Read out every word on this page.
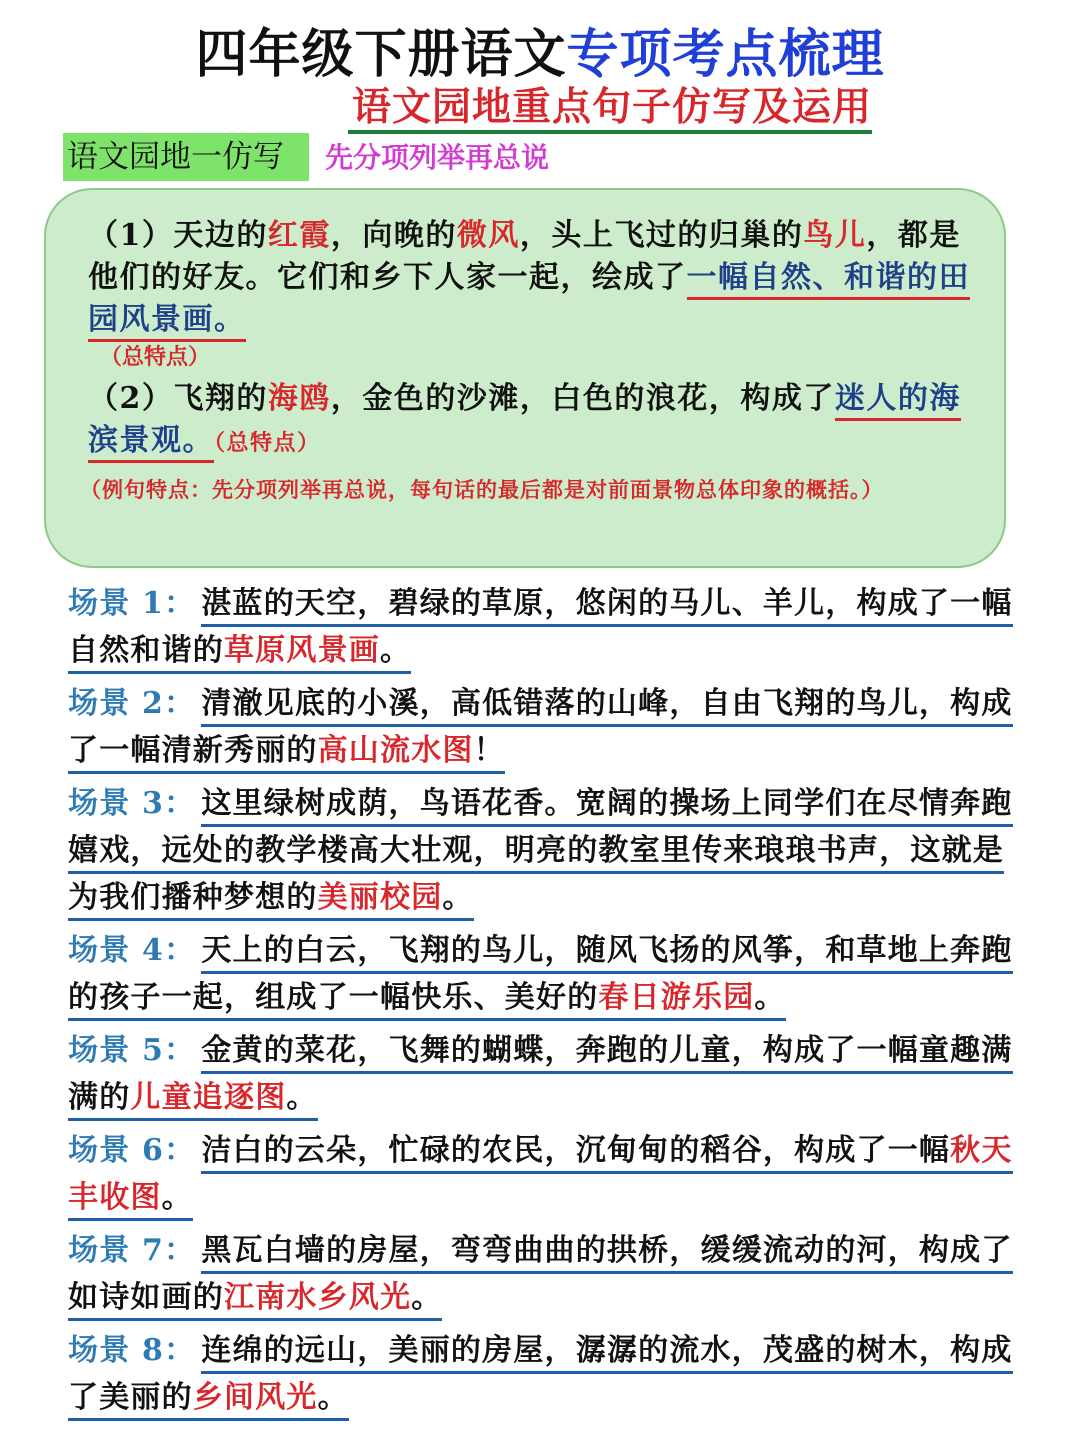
四年级下册语文专项考点梳理
语文园地重点句子仿写及运用
语文园地一仿写	先分项列举再总说
（1）天边的红霞，向晚的微风，头上飞过的归巢的鸟儿，都是他们的好友。它们和乡下人家一起，绘成了一幅自然、和谐的田园风景画。
（总特点）
（2）飞翔的海鸥，金色的沙滩，白色的浪花，构成了迷人的海滨景观。（总特点）
（例句特点：先分项列举再总说，每句话的最后都是对前面景物总体印象的概括。）
场景 1： 湛蓝的天空，碧绿的草原，悠闲的马儿、羊儿，构成了一幅自然和谐的草原风景画。
场景 2： 清澈见底的小溪，高低错落的山峰，自由飞翔的鸟儿，构成了一幅清新秀丽的高山流水图！
场景 3： 这里绿树成荫，鸟语花香。宽阔的操场上同学们在尽情奔跑嬉戏，远处的教学楼高大壮观，明亮的教室里传来琅琅书声，这就是为我们播种梦想的美丽校园。
场景 4： 天上的白云，飞翔的鸟儿，随风飞扬的风筝，和草地上奔跑的孩子一起，组成了一幅快乐、美好的春日游乐园。
场景 5： 金黄的菜花，飞舞的蝴蝶，奔跑的儿童，构成了一幅童趣满满的儿童追逐图。
场景 6： 洁白的云朵，忙碌的农民，沉甸甸的稻谷，构成了一幅秋天丰收图。
场景 7： 黑瓦白墙的房屋，弯弯曲曲的拱桥，缓缓流动的河，构成了如诗如画的江南水乡风光。
场景 8： 连绵的远山，美丽的房屋，潺潺的流水，茂盛的树木，构成了美丽的乡间风光。
